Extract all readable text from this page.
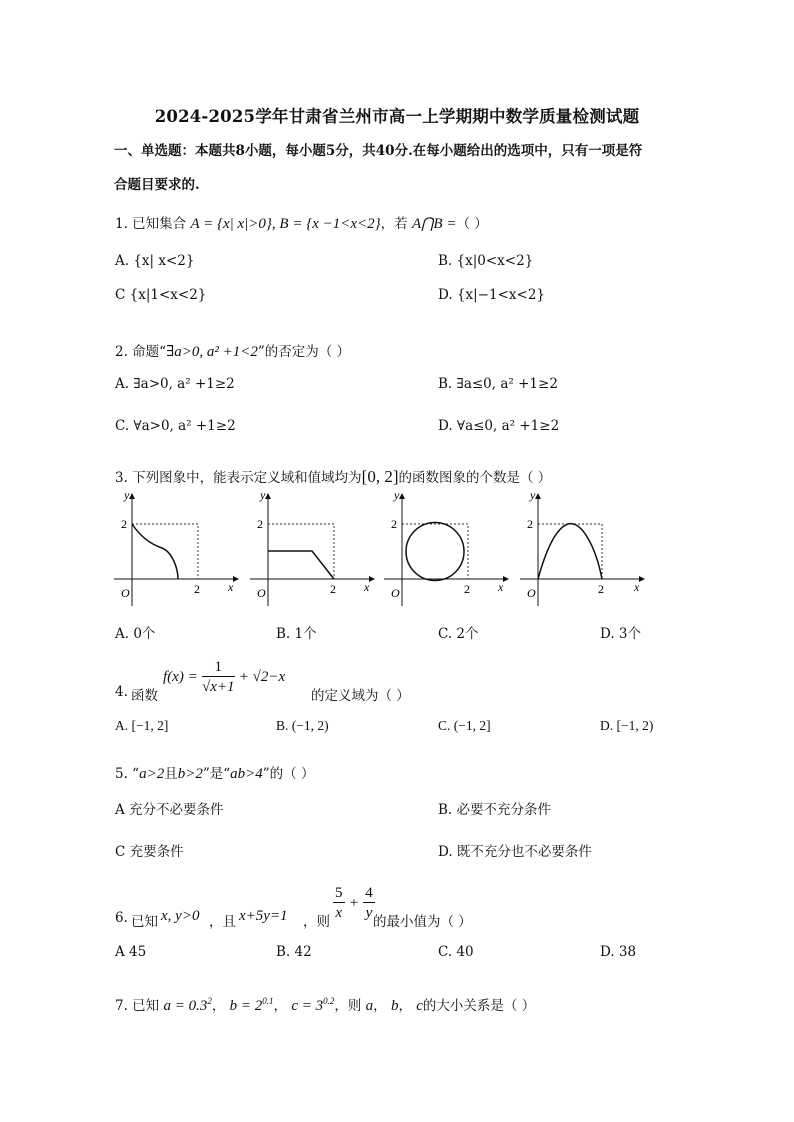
2024-2025学年甘肃省兰州市高一上学期期中数学质量检测试题
一、单选题：本题共8小题，每小题5分，共40分.在每小题给出的选项中，只有一项是符
合题目要求的.
1. 已知集合 A = {x| x|>0}, B = {x −1<x<2}，若 A⋂B =（ ）
A. {x| x<2}	B. {x|0<x<2}
C {x|1<x<2}	D. {x|−1<x<2}
2. 命题“∃a>0, a² +1<2”的否定为（ ）
A. ∃a>0, a² +1≥2	B. ∃a≤0, a² +1≥2
C. ∀a>0, a² +1≥2	D. ∀a≤0, a² +1≥2
3. 下列图象中，能表示定义域和值域均为[0, 2]的函数图象的个数是（ ）
2
2
O	x
y
2
2
O	x
y
2
2
O	x
y
2
2
O	x
y
A. 0个	B. 1个	C. 2个	D. 3个
4. 函数
$f(x) = \frac{1}{√x+1} + √2-x$
的定义域为（ ）
A. [−1, 2]	B. (−1, 2)	C. (−1, 2]	D. [−1, 2)
5. “a>2且b>2”是“ab>4”的（ ）
A 充分不必要条件	B. 必要不充分条件
C 充要条件	D. 既不充分也不必要条件
6. 已知 x, y>0 ，且 x+5y=1 ，则 $\frac{5}{x} + \frac{4}{y}$
的最小值为（ ）
A 45	B. 42	C. 40	D. 38
7. 已知 $a = 0.3^2$， $b = 2^{0.1}$， $c = 3^{0.2}$，则 a， b， c的大小关系是（ ）
